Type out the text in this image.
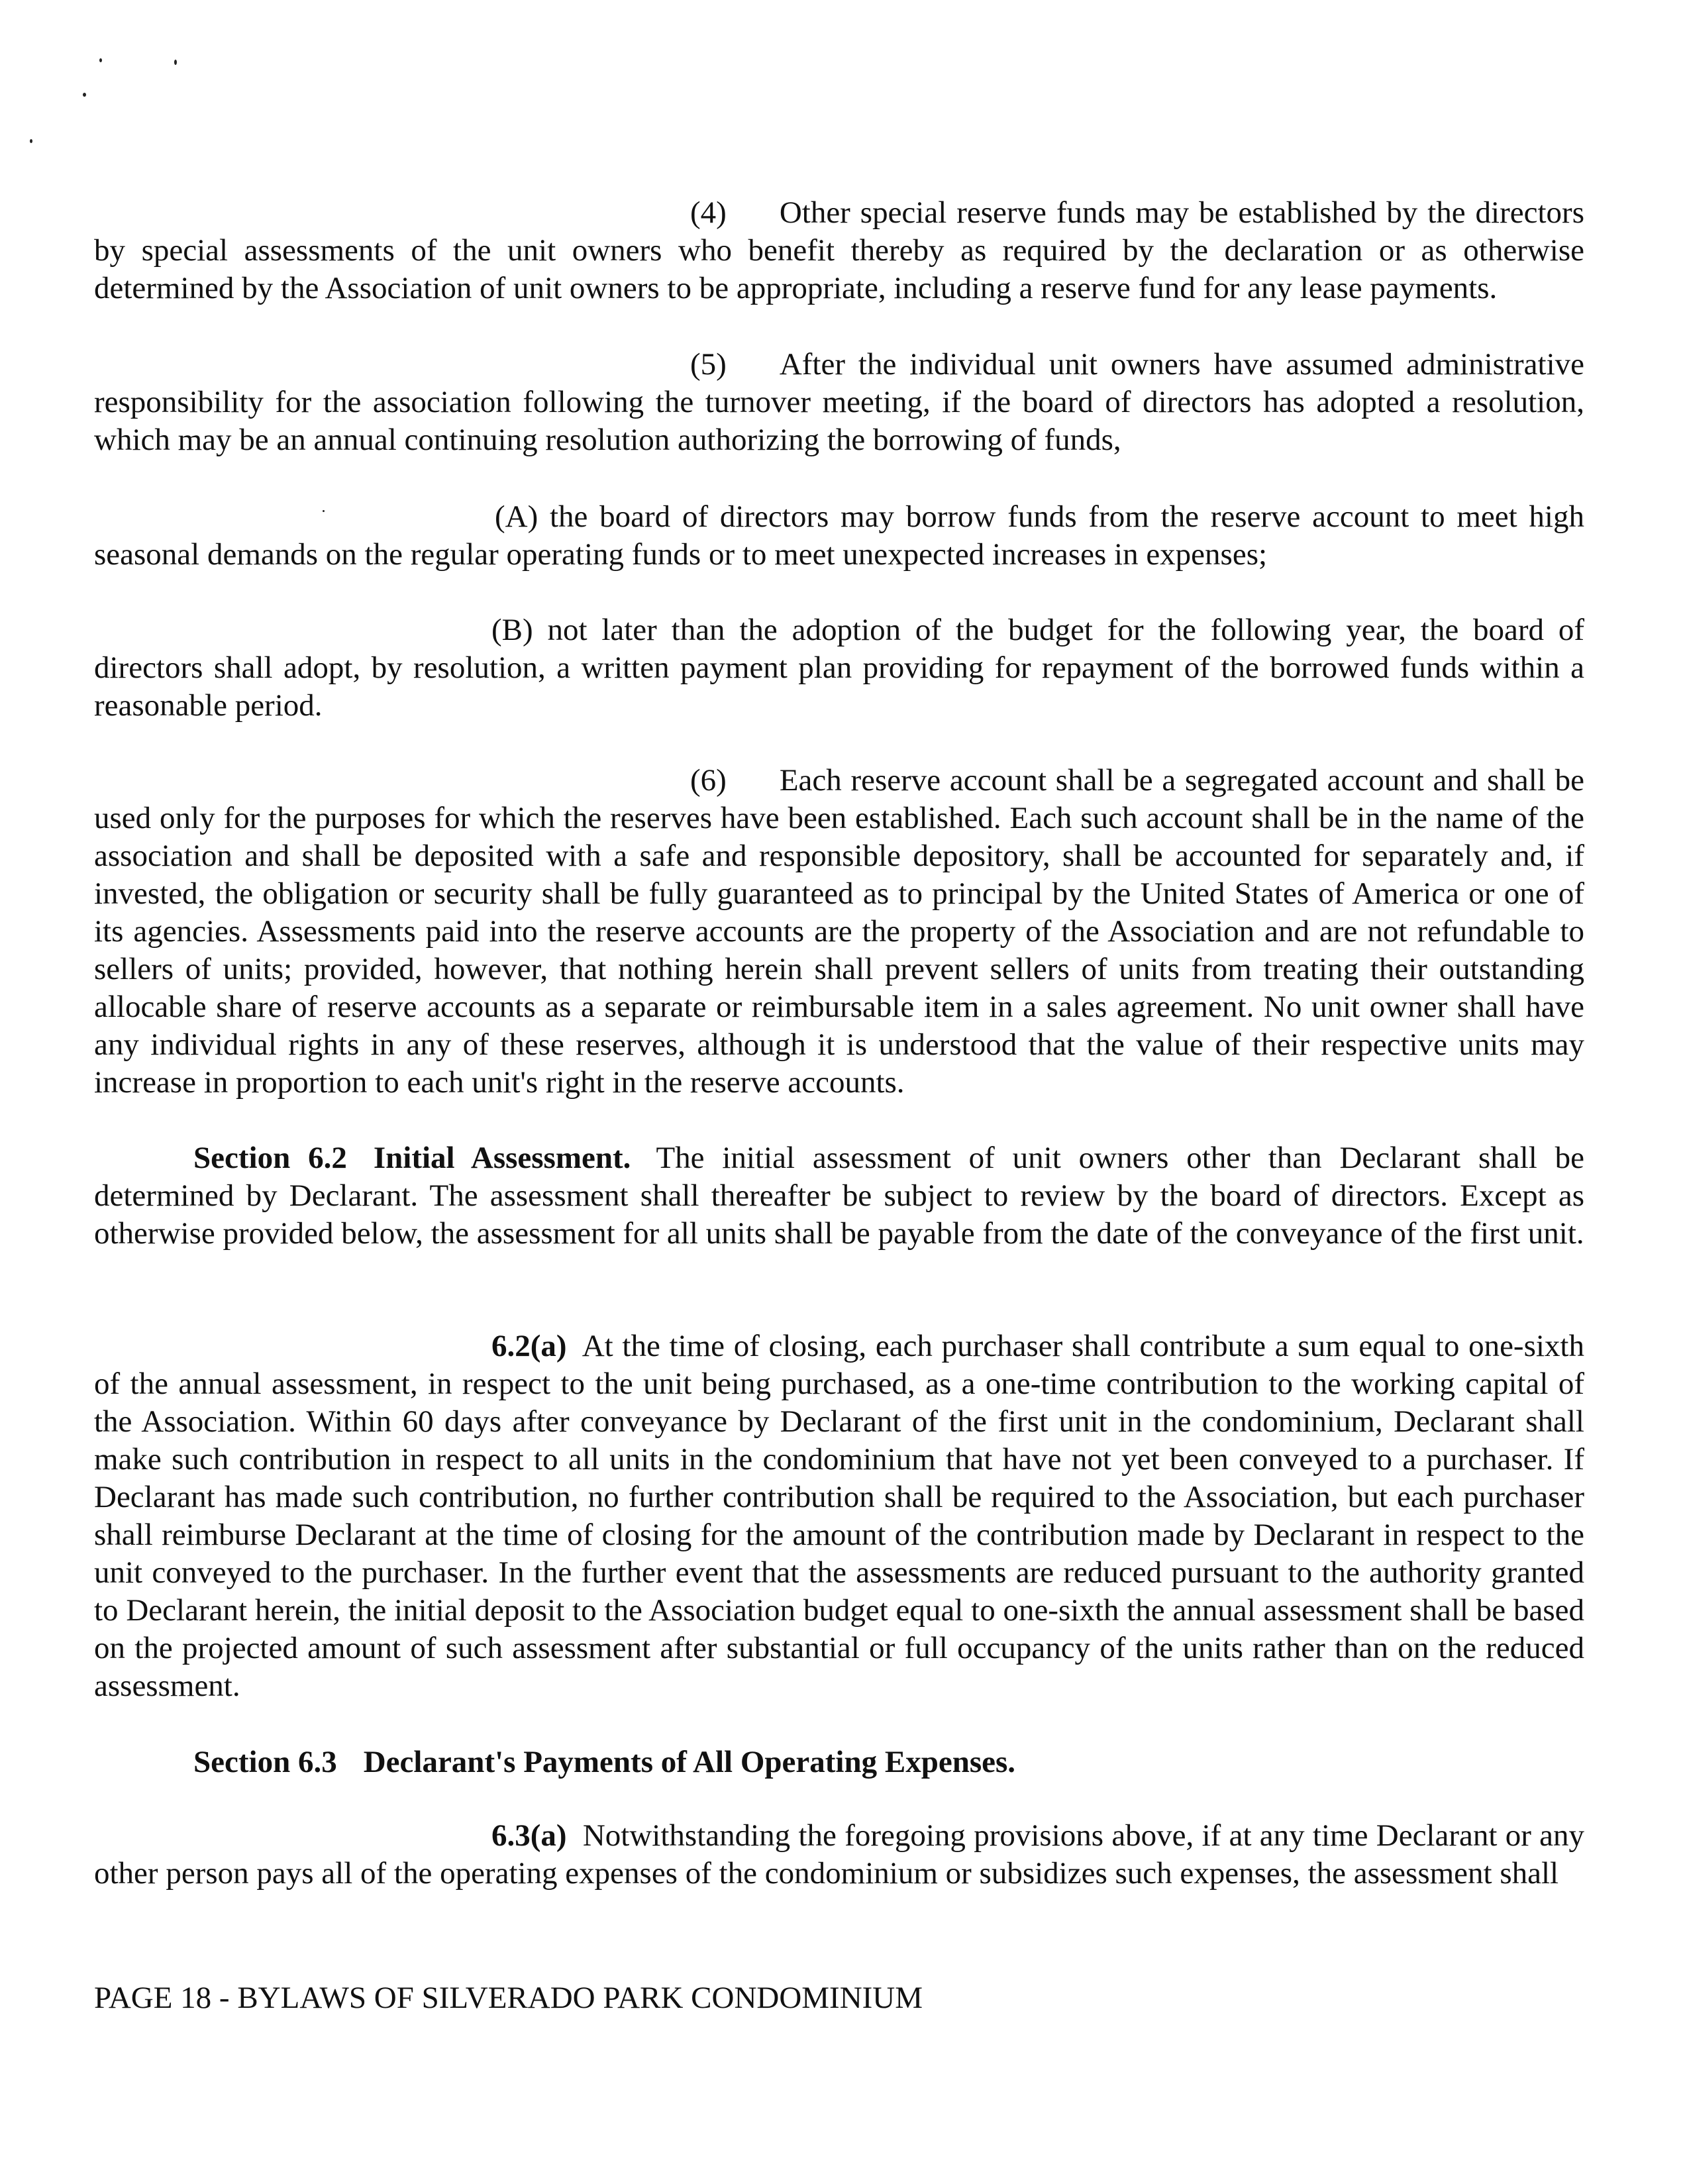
(4) Other special reserve funds may be established by the directors by special assessments of the unit owners who benefit thereby as required by the declaration or as otherwise determined by the Association of unit owners to be appropriate, including a reserve fund for any lease payments.

(5) After the individual unit owners have assumed administrative responsibility for the association following the turnover meeting, if the board of directors has adopted a resolution, which may be an annual continuing resolution authorizing the borrowing of funds,

(A) the board of directors may borrow funds from the reserve account to meet high seasonal demands on the regular operating funds or to meet unexpected increases in expenses;

(B) not later than the adoption of the budget for the following year, the board of directors shall adopt, by resolution, a written payment plan providing for repayment of the borrowed funds within a reasonable period.

(6) Each reserve account shall be a segregated account and shall be used only for the purposes for which the reserves have been established. Each such account shall be in the name of the association and shall be deposited with a safe and responsible depository, shall be accounted for separately and, if invested, the obligation or security shall be fully guaranteed as to principal by the United States of America or one of its agencies. Assessments paid into the reserve accounts are the property of the Association and are not refundable to sellers of units; provided, however, that nothing herein shall prevent sellers of units from treating their outstanding allocable share of reserve accounts as a separate or reimbursable item in a sales agreement. No unit owner shall have any individual rights in any of these reserves, although it is understood that the value of their respective units may increase in proportion to each unit's right in the reserve accounts.

Section 6.2 Initial Assessment. The initial assessment of unit owners other than Declarant shall be determined by Declarant. The assessment shall thereafter be subject to review by the board of directors. Except as otherwise provided below, the assessment for all units shall be payable from the date of the conveyance of the first unit.

6.2(a) At the time of closing, each purchaser shall contribute a sum equal to one-sixth of the annual assessment, in respect to the unit being purchased, as a one-time contribution to the working capital of the Association. Within 60 days after conveyance by Declarant of the first unit in the condominium, Declarant shall make such contribution in respect to all units in the condominium that have not yet been conveyed to a purchaser. If Declarant has made such contribution, no further contribution shall be required to the Association, but each purchaser shall reimburse Declarant at the time of closing for the amount of the contribution made by Declarant in respect to the unit conveyed to the purchaser. In the further event that the assessments are reduced pursuant to the authority granted to Declarant herein, the initial deposit to the Association budget equal to one-sixth the annual assessment shall be based on the projected amount of such assessment after substantial or full occupancy of the units rather than on the reduced assessment.

Section 6.3 Declarant's Payments of All Operating Expenses.

6.3(a) Notwithstanding the foregoing provisions above, if at any time Declarant or any other person pays all of the operating expenses of the condominium or subsidizes such expenses, the assessment shall

PAGE 18 - BYLAWS OF SILVERADO PARK CONDOMINIUM
